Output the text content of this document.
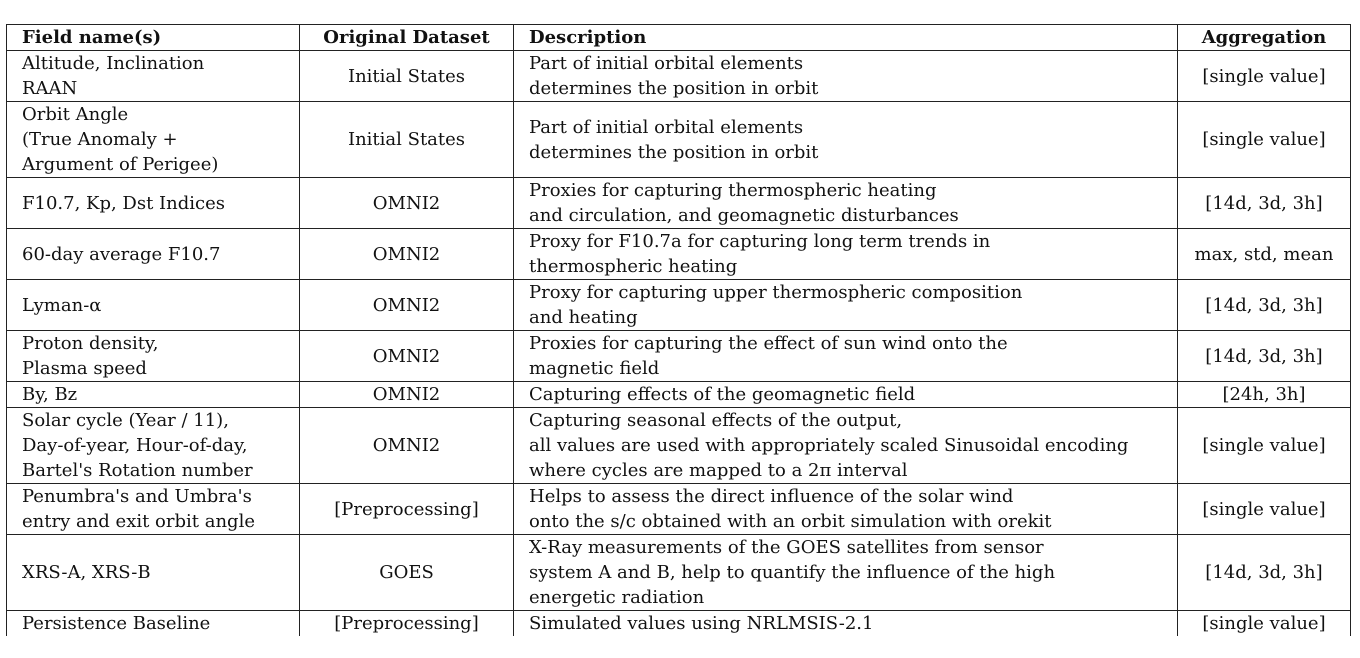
Field name(s)	Original Dataset	Description	Aggregation

Altitude, Inclination
RAAN	Initial States	Part of initial orbital elements
determines the position in orbit	[single value]

Orbit Angle
(True Anomaly +
Argument of Perigee)	Initial States	Part of initial orbital elements
determines the position in orbit	[single value]

F10.7, Kp, Dst Indices	OMNI2	Proxies for capturing thermospheric heating
and circulation, and geomagnetic disturbances	[14d, 3d, 3h]

60-day average F10.7	OMNI2	Proxy for F10.7a for capturing long term trends in
thermospheric heating	max, std, mean

Lyman-α	OMNI2	Proxy for capturing upper thermospheric composition
and heating	[14d, 3d, 3h]

Proton density,
Plasma speed	OMNI2	Proxies for capturing the effect of sun wind onto the
magnetic field	[14d, 3d, 3h]

By, Bz	OMNI2	Capturing effects of the geomagnetic field	[24h, 3h]

Solar cycle (Year / 11),
Day-of-year, Hour-of-day,
Bartel's Rotation number	OMNI2	Capturing seasonal effects of the output,
all values are used with appropriately scaled Sinusoidal encoding
where cycles are mapped to a 2π interval	[single value]

Penumbra's and Umbra's
entry and exit orbit angle	[Preprocessing]	Helps to assess the direct influence of the solar wind
onto the s/c obtained with an orbit simulation with orekit	[single value]

XRS-A, XRS-B	GOES	X-Ray measurements of the GOES satellites from sensor
system A and B, help to quantify the influence of the high
energetic radiation	[14d, 3d, 3h]

Persistence Baseline	[Preprocessing]	Simulated values using NRLMSIS-2.1	[single value]
